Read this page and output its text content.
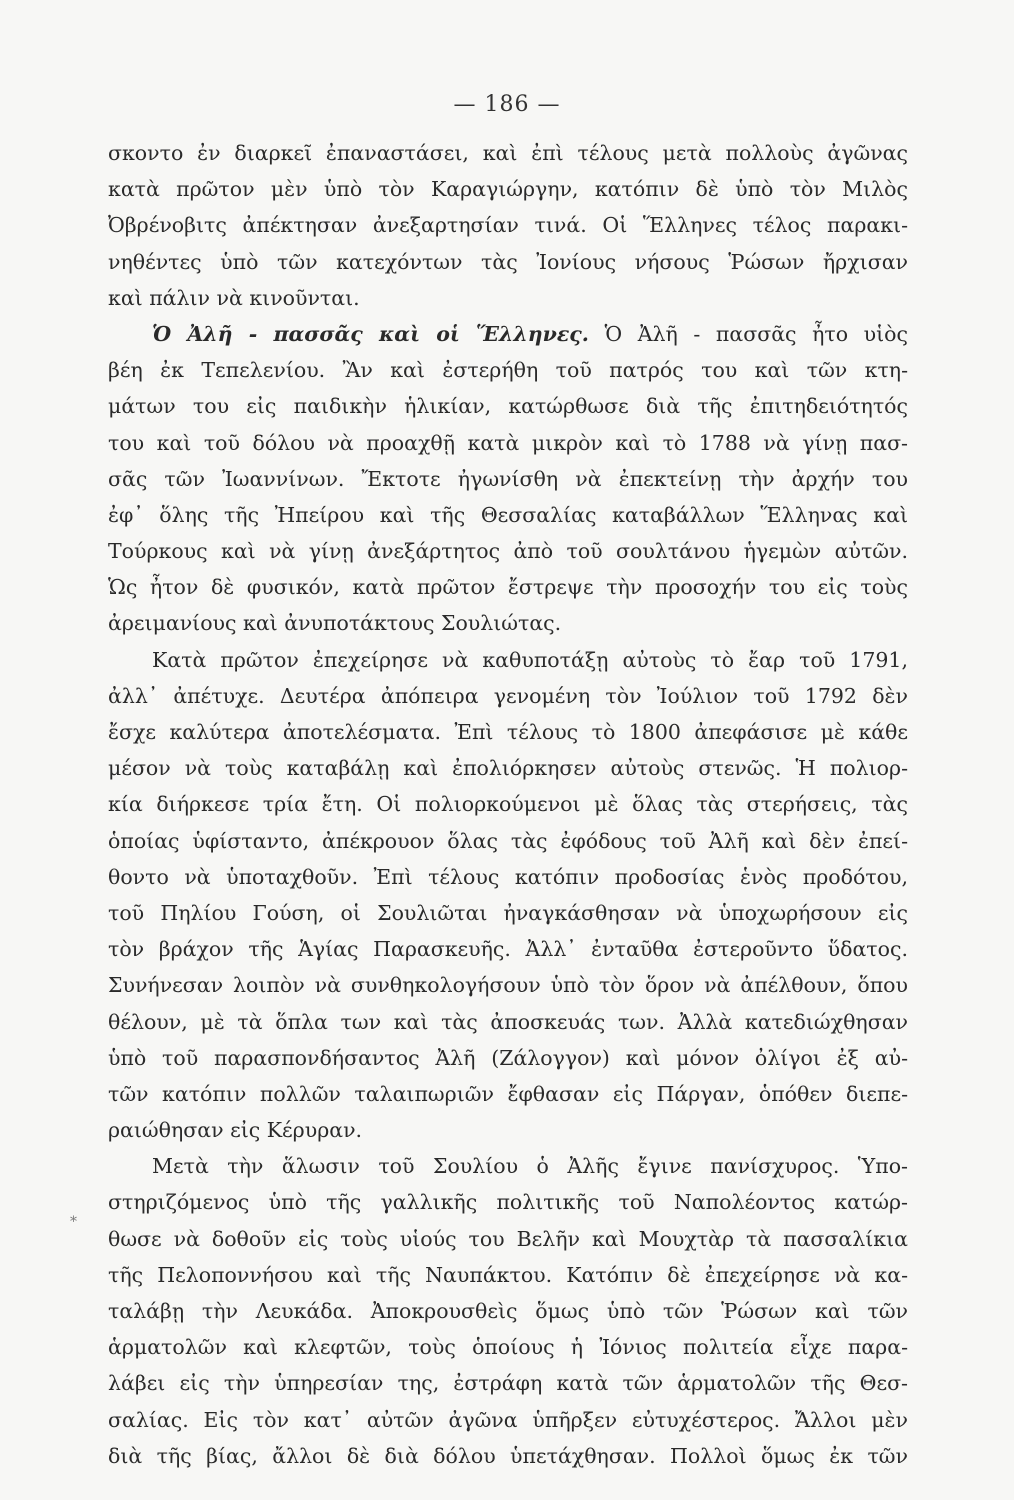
— 186 —
*
σκοντο ἐν διαρκεῖ ἐπαναστάσει, καὶ ἐπὶ τέλους μετὰ πολλοὺς ἀγῶνας
κατὰ πρῶτον μὲν ὑπὸ τὸν Καραγιώργην, κατόπιν δὲ ὑπὸ τὸν Μιλὸς
Ὀβρένοβιτς ἀπέκτησαν ἀνεξαρτησίαν τινά. Οἱ Ἕλληνες τέλος παρακι-
νηθέντες ὑπὸ τῶν κατεχόντων τὰς Ἰονίους νήσους Ῥώσων ἤρχισαν
καὶ πάλιν νὰ κινοῦνται.
Ὁ Ἀλῆ - πασσᾶς καὶ οἱ Ἕλληνες. Ὁ Ἀλῆ - πασσᾶς ἦτο υἱὸς
βέη ἐκ Τεπελενίου. Ἂν καὶ ἐστερήθη τοῦ πατρός του καὶ τῶν κτη-
μάτων του εἰς παιδικὴν ἡλικίαν, κατώρθωσε διὰ τῆς ἐπιτηδειότητός
του καὶ τοῦ δόλου νὰ προαχθῇ κατὰ μικρὸν καὶ τὸ 1788 νὰ γίνῃ πασ-
σᾶς τῶν Ἰωαννίνων. Ἔκτοτε ἠγωνίσθη νὰ ἐπεκτείνῃ τὴν ἀρχήν του
ἐφ᾽ ὅλης τῆς Ἠπείρου καὶ τῆς Θεσσαλίας καταβάλλων Ἕλληνας καὶ
Τούρκους καὶ νὰ γίνῃ ἀνεξάρτητος ἀπὸ τοῦ σουλτάνου ἡγεμὼν αὐτῶν.
Ὡς ἦτον δὲ φυσικόν, κατὰ πρῶτον ἔστρεψε τὴν προσοχήν του εἰς τοὺς
ἀρειμανίους καὶ ἀνυποτάκτους Σουλιώτας.
Κατὰ πρῶτον ἐπεχείρησε νὰ καθυποτάξῃ αὐτοὺς τὸ ἔαρ τοῦ 1791,
ἀλλ᾽ ἀπέτυχε. Δευτέρα ἀπόπειρα γενομένη τὸν Ἰούλιον τοῦ 1792 δὲν
ἔσχε καλύτερα ἀποτελέσματα. Ἐπὶ τέλους τὸ 1800 ἀπεφάσισε μὲ κάθε
μέσον νὰ τοὺς καταβάλῃ καὶ ἐπολιόρκησεν αὐτοὺς στενῶς. Ἡ πολιορ-
κία διήρκεσε τρία ἔτη. Οἱ πολιορκούμενοι μὲ ὅλας τὰς στερήσεις, τὰς
ὁποίας ὑφίσταντο, ἀπέκρουον ὅλας τὰς ἐφόδους τοῦ Ἀλῆ καὶ δὲν ἐπεί-
θοντο νὰ ὑποταχθοῦν. Ἐπὶ τέλους κατόπιν προδοσίας ἑνὸς προδότου,
τοῦ Πηλίου Γούση, οἱ Σουλιῶται ἠναγκάσθησαν νὰ ὑποχωρήσουν εἰς
τὸν βράχον τῆς Ἁγίας Παρασκευῆς. Ἀλλ᾽ ἐνταῦθα ἐστεροῦντο ὕδατος.
Συνήνεσαν λοιπὸν νὰ συνθηκολογήσουν ὑπὸ τὸν ὅρον νὰ ἀπέλθουν, ὅπου
θέλουν, μὲ τὰ ὅπλα των καὶ τὰς ἀποσκευάς των. Ἀλλὰ κατεδιώχθησαν
ὑπὸ τοῦ παρασπονδήσαντος Ἀλῆ (Ζάλογγον) καὶ μόνον ὀλίγοι ἐξ αὐ-
τῶν κατόπιν πολλῶν ταλαιπωριῶν ἔφθασαν εἰς Πάργαν, ὁπόθεν διεπε-
ραιώθησαν εἰς Κέρυραν.
Μετὰ τὴν ἅλωσιν τοῦ Σουλίου ὁ Ἀλῆς ἔγινε πανίσχυρος. Ὑπο-
στηριζόμενος ὑπὸ τῆς γαλλικῆς πολιτικῆς τοῦ Ναπολέοντος κατώρ-
θωσε νὰ δοθοῦν εἰς τοὺς υἱούς του Βελῆν καὶ Μουχτὰρ τὰ πασσαλίκια
τῆς Πελοποννήσου καὶ τῆς Ναυπάκτου. Κατόπιν δὲ ἐπεχείρησε νὰ κα-
ταλάβῃ τὴν Λευκάδα. Ἀποκρουσθεὶς ὅμως ὑπὸ τῶν Ῥώσων καὶ τῶν
ἁρματολῶν καὶ κλεφτῶν, τοὺς ὁποίους ἡ Ἰόνιος πολιτεία εἶχε παρα-
λάβει εἰς τὴν ὑπηρεσίαν της, ἐστράφη κατὰ τῶν ἁρματολῶν τῆς Θεσ-
σαλίας. Εἰς τὸν κατ᾽ αὐτῶν ἀγῶνα ὑπῆρξεν εὐτυχέστερος. Ἄλλοι μὲν
διὰ τῆς βίας, ἄλλοι δὲ διὰ δόλου ὑπετάχθησαν. Πολλοὶ ὅμως ἐκ τῶν
